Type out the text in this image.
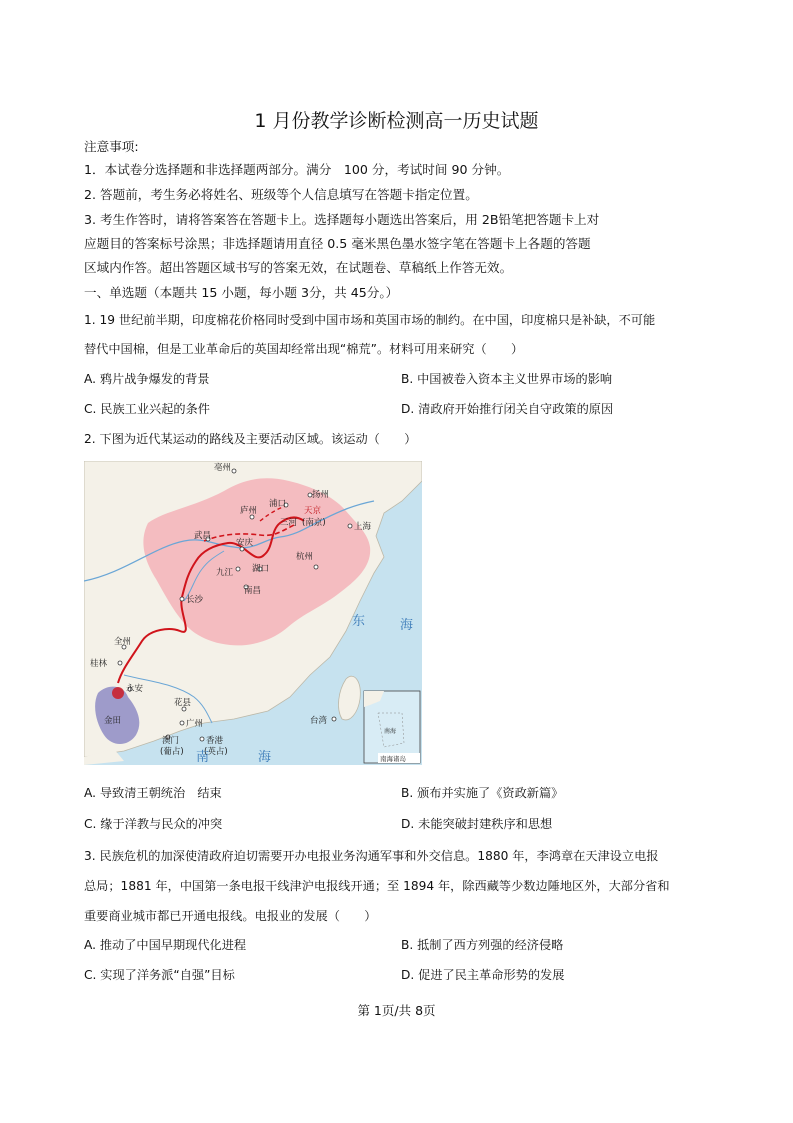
1 月份教学诊断检测高一历史试题
注意事项:
1．本试卷分选择题和非选择题两部分。满分　100 分，考试时间 90 分钟。
2. 答题前，考生务必将姓名、班级等个人信息填写在答题卡指定位置。
3. 考生作答时，请将答案答在答题卡上。选择题每小题选出答案后，用 2B铅笔把答题卡上对
应题目的答案标号涂黑；非选择题请用直径 0.5 毫米黑色墨水签字笔在答题卡上各题的答题
区域内作答。超出答题区域书写的答案无效，在试题卷、草稿纸上作答无效。
一、单选题（本题共 15 小题，每小题 3分，共 45分。）
1. 19 世纪前半期，印度棉花价格同时受到中国市场和英国市场的制约。在中国，印度棉只是补缺，不可能
替代中国棉，但是工业革命后的英国却经常出现“棉荒”。材料可用来研究（　　）
A. 鸦片战争爆发的背景	B. 中国被卷入资本主义世界市场的影响
C. 民族工业兴起的条件	D. 清政府开始推行闭关自守政策的原因
2. 下图为近代某运动的路线及主要活动区域。该运动（　　）
亳州
扬州
浦口
庐州	天京
(南京)
三河	上海
武昌
安庆
杭州
九江 湖口
南昌
长沙
全州
桂林
永安
金田
花县
广州
澳门
(葡占)
香港
(英占)
台湾
东	海
南	海
南海
南海诸岛
A. 导致清王朝统治　结束	B. 颁布并实施了《资政新篇》
C. 缘于洋教与民众的冲突	D. 未能突破封建秩序和思想
3. 民族危机的加深使清政府迫切需要开办电报业务沟通军事和外交信息。1880 年，李鸿章在天津设立电报
总局；1881 年，中国第一条电报干线津沪电报线开通；至 1894 年，除西藏等少数边陲地区外，大部分省和
重要商业城市都已开通电报线。电报业的发展（　　）
A. 推动了中国早期现代化进程	B. 抵制了西方列强的经济侵略
C. 实现了洋务派“自强”目标	D. 促进了民主革命形势的发展
第 1页/共 8页
